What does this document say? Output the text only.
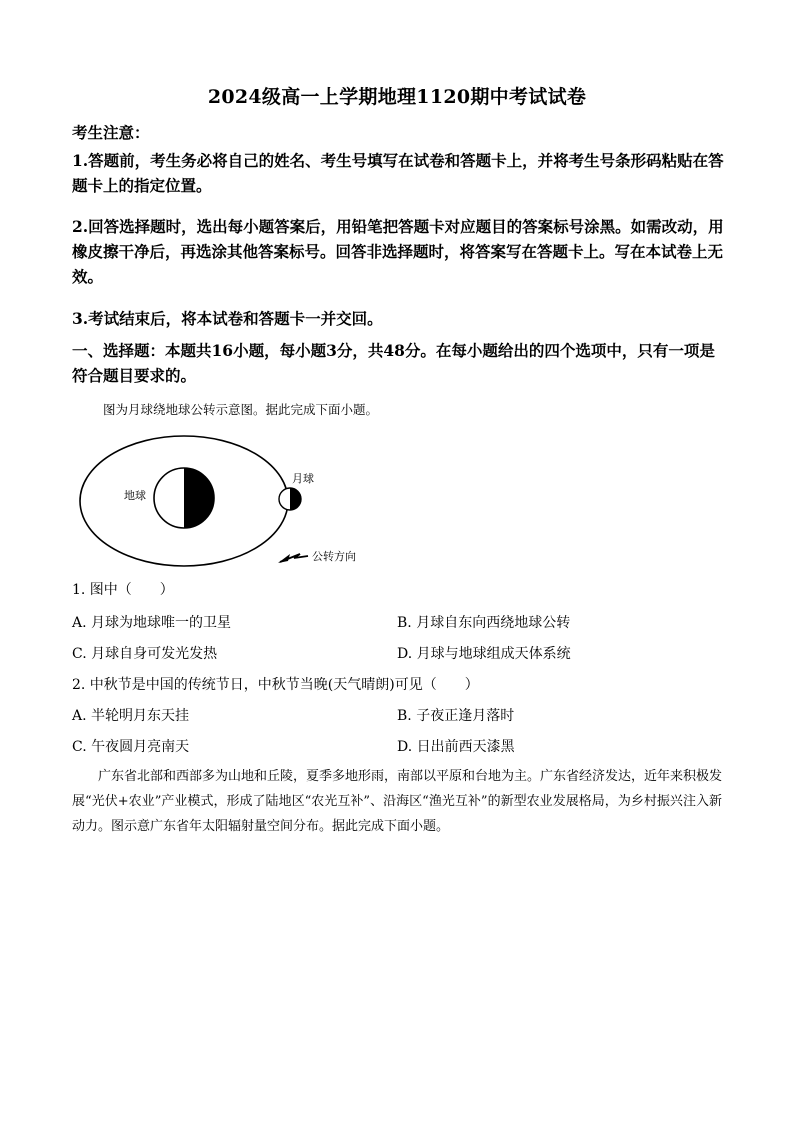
2024级高一上学期地理1120期中考试试卷
考生注意：
1.答题前，考生务必将自己的姓名、考生号填写在试卷和答题卡上，并将考生号条形码粘贴在答题卡上的指定位置。
2.回答选择题时，选出每小题答案后，用铅笔把答题卡对应题目的答案标号涂黑。如需改动，用橡皮擦干净后，再选涂其他答案标号。回答非选择题时，将答案写在答题卡上。写在本试卷上无效。
3.考试结束后，将本试卷和答题卡一并交回。
一、选择题：本题共16小题，每小题3分，共48分。在每小题给出的四个选项中，只有一项是符合题目要求的。
图为月球绕地球公转示意图。据此完成下面小题。
地球
月球
公转方向
1. 图中（　　）
A. 月球为地球唯一的卫星	B. 月球自东向西绕地球公转
C. 月球自身可发光发热	D. 月球与地球组成天体系统
2. 中秋节是中国的传统节日，中秋节当晚(天气晴朗)可见（　　）
A. 半轮明月东天挂	B. 子夜正逢月落时
C. 午夜圆月亮南天	D. 日出前西天漆黑
广东省北部和西部多为山地和丘陵，夏季多地形雨，南部以平原和台地为主。广东省经济发达，近年来积极发展“光伏+农业”产业模式，形成了陆地区“农光互补”、沿海区“渔光互补”的新型农业发展格局，为乡村振兴注入新动力。图示意广东省年太阳辐射量空间分布。据此完成下面小题。
